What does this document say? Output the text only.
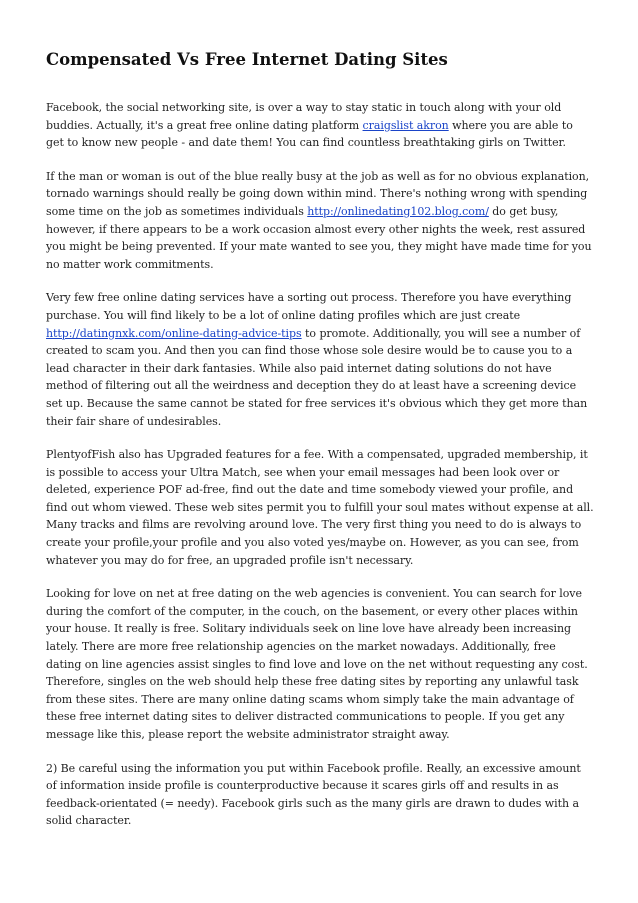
Compensated Vs Free Internet Dating Sites

Facebook, the social networking site, is over a way to stay static in touch along with your old buddies. Actually, it's a great free online dating platform craigslist akron where you are able to get to know new people - and date them! You can find countless breathtaking girls on Twitter.

If the man or woman is out of the blue really busy at the job as well as for no obvious explanation, tornado warnings should really be going down within mind. There's nothing wrong with spending some time on the job as sometimes individuals http://onlinedating102.blog.com/ do get busy, however, if there appears to be a work occasion almost every other nights the week, rest assured you might be being prevented. If your mate wanted to see you, they might have made time for you no matter work commitments.

Very few free online dating services have a sorting out process. Therefore you have everything purchase. You will find likely to be a lot of online dating profiles which are just create http://datingnxk.com/online-dating-advice-tips to promote. Additionally, you will see a number of created to scam you. And then you can find those whose sole desire would be to cause you to a lead character in their dark fantasies. While also paid internet dating solutions do not have method of filtering out all the weirdness and deception they do at least have a screening device set up. Because the same cannot be stated for free services it's obvious which they get more than their fair share of undesirables.

PlentyofFish also has Upgraded features for a fee. With a compensated, upgraded membership, it is possible to access your Ultra Match, see when your email messages had been look over or deleted, experience POF ad-free, find out the date and time somebody viewed your profile, and find out whom viewed. These web sites permit you to fulfill your soul mates without expense at all. Many tracks and films are revolving around love. The very first thing you need to do is always to create your profile,your profile and you also voted yes/maybe on. However, as you can see, from whatever you may do for free, an upgraded profile isn't necessary.

Looking for love on net at free dating on the web agencies is convenient. You can search for love during the comfort of the computer, in the couch, on the basement, or every other places within your house. It really is free. Solitary individuals seek on line love have already been increasing lately. There are more free relationship agencies on the market nowadays. Additionally, free dating on line agencies assist singles to find love and love on the net without requesting any cost. Therefore, singles on the web should help these free dating sites by reporting any unlawful task from these sites. There are many online dating scams whom simply take the main advantage of these free internet dating sites to deliver distracted communications to people. If you get any message like this, please report the website administrator straight away.

2) Be careful using the information you put within Facebook profile. Really, an excessive amount of information inside profile is counterproductive because it scares girls off and results in as feedback-orientated (= needy). Facebook girls such as the many girls are drawn to dudes with a solid character.
